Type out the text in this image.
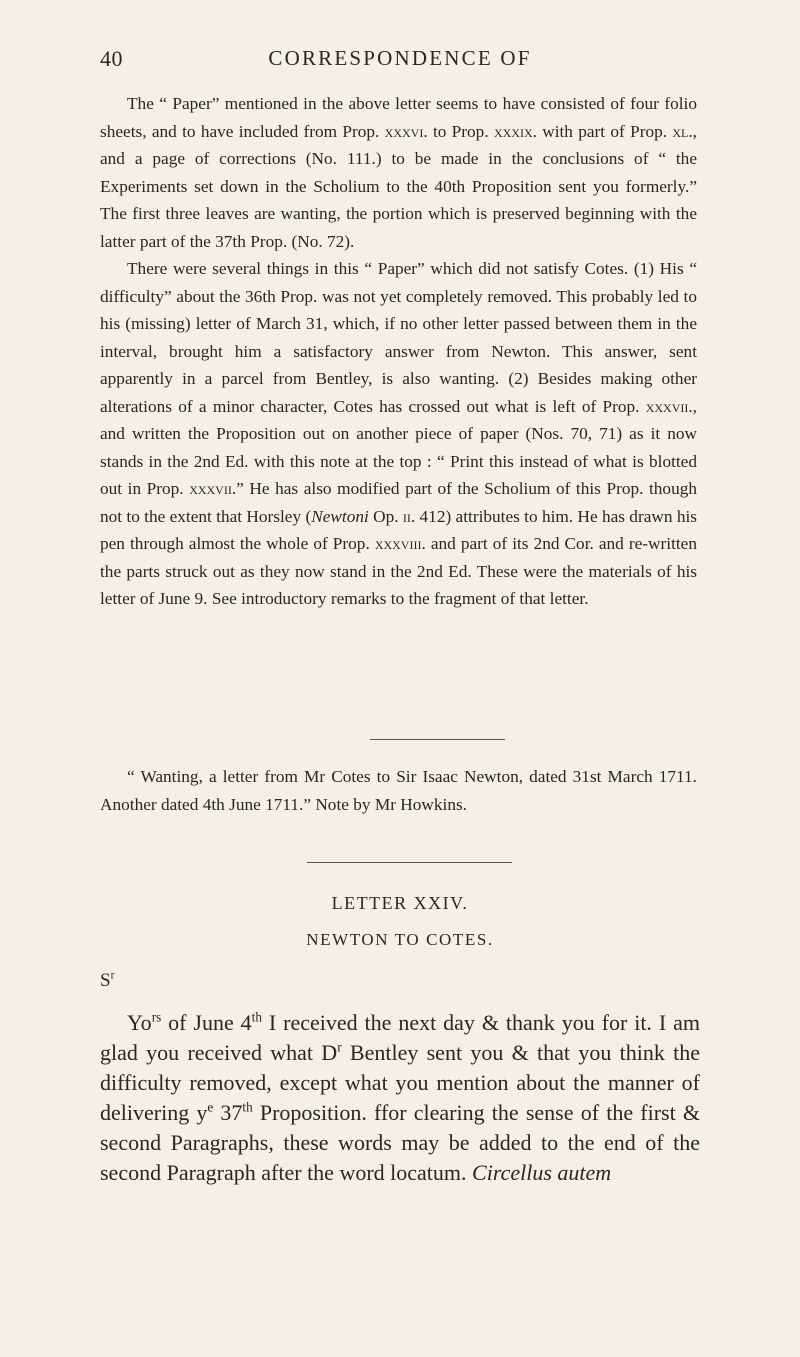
40	CORRESPONDENCE OF

The “ Paper” mentioned in the above letter seems to have consisted of four folio sheets, and to have included from Prop. xxxvi. to Prop. xxxix. with part of Prop. xl., and a page of corrections (No. 111.) to be made in the conclusions of “ the Experiments set down in the Scholium to the 40th Proposition sent you formerly.” The first three leaves are wanting, the portion which is preserved beginning with the latter part of the 37th Prop. (No. 72).

There were several things in this “ Paper” which did not satisfy Cotes. (1) His “ difficulty” about the 36th Prop. was not yet completely removed. This probably led to his (missing) letter of March 31, which, if no other letter passed between them in the interval, brought him a satisfactory answer from Newton. This answer, sent apparently in a parcel from Bentley, is also wanting. (2) Besides making other alterations of a minor character, Cotes has crossed out what is left of Prop. xxxvii., and written the Proposition out on another piece of paper (Nos. 70, 71) as it now stands in the 2nd Ed. with this note at the top : “ Print this instead of what is blotted out in Prop. xxxvii.” He has also modified part of the Scholium of this Prop. though not to the extent that Horsley (Newtoni Op. ii. 412) attributes to him. He has drawn his pen through almost the whole of Prop. xxxviii. and part of its 2nd Cor. and re-written the parts struck out as they now stand in the 2nd Ed. These were the materials of his letter of June 9. See introductory remarks to the fragment of that letter.

“ Wanting, a letter from Mr Cotes to Sir Isaac Newton, dated 31st March 1711. Another dated 4th June 1711.” Note by Mr Howkins.

LETTER XXIV.
NEWTON TO COTES.
$S^r$

$Yo^{rs}$ of June 4th I received the next day & thank you for it. I am glad you received what $D^r$ Bentley sent you & that you think the difficulty removed, except what you mention about the manner of delivering $y^e$ 37th Proposition. ffor clearing the sense of the first & second Paragraphs, these words may be added to the end of the second Paragraph after the word locatum. Circellus autem
